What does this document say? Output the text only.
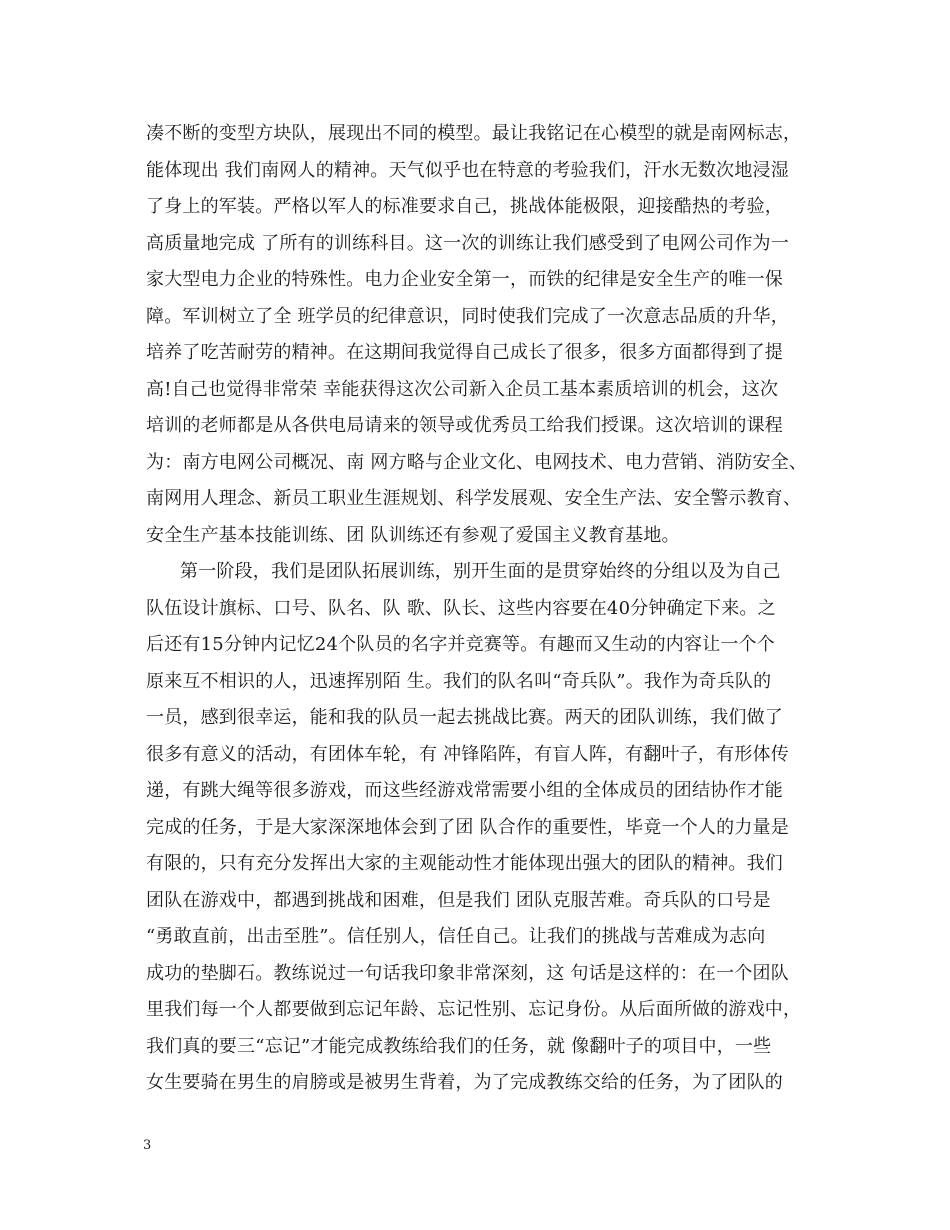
凑不断的变型方块队，展现出不同的模型。最让我铭记在心模型的就是南网标志，
能体现出 我们南网人的精神。天气似乎也在特意的考验我们，汗水无数次地浸湿
了身上的军装。严格以军人的标准要求自己，挑战体能极限，迎接酷热的考验，
高质量地完成 了所有的训练科目。这一次的训练让我们感受到了电网公司作为一
家大型电力企业的特殊性。电力企业安全第一，而铁的纪律是安全生产的唯一保
障。军训树立了全 班学员的纪律意识，同时使我们完成了一次意志品质的升华，
培养了吃苦耐劳的精神。在这期间我觉得自己成长了很多，很多方面都得到了提
高!自己也觉得非常荣 幸能获得这次公司新入企员工基本素质培训的机会，这次
培训的老师都是从各供电局请来的领导或优秀员工给我们授课。这次培训的课程
为：南方电网公司概况、南 网方略与企业文化、电网技术、电力营销、消防安全、
南网用人理念、新员工职业生涯规划、科学发展观、安全生产法、安全警示教育、
安全生产基本技能训练、团 队训练还有参观了爱国主义教育基地。
第一阶段，我们是团队拓展训练，别开生面的是贯穿始终的分组以及为自己
队伍设计旗标、口号、队名、队 歌、队长、这些内容要在40分钟确定下来。之
后还有15分钟内记忆24个队员的名字并竞赛等。有趣而又生动的内容让一个个
原来互不相识的人，迅速挥别陌 生。我们的队名叫“奇兵队”。我作为奇兵队的
一员，感到很幸运，能和我的队员一起去挑战比赛。两天的团队训练，我们做了
很多有意义的活动，有团体车轮，有 冲锋陷阵，有盲人阵，有翻叶子，有形体传
递，有跳大绳等很多游戏，而这些经游戏常需要小组的全体成员的团结协作才能
完成的任务，于是大家深深地体会到了团 队合作的重要性，毕竟一个人的力量是
有限的，只有充分发挥出大家的主观能动性才能体现出强大的团队的精神。我们
团队在游戏中，都遇到挑战和困难，但是我们 团队克服苦难。奇兵队的口号是
“勇敢直前，出击至胜”。信任别人，信任自己。让我们的挑战与苦难成为志向
成功的垫脚石。教练说过一句话我印象非常深刻，这 句话是这样的：在一个团队
里我们每一个人都要做到忘记年龄、忘记性别、忘记身份。从后面所做的游戏中，
我们真的要三“忘记”才能完成教练给我们的任务，就 像翻叶子的项目中，一些
女生要骑在男生的肩膀或是被男生背着，为了完成教练交给的任务，为了团队的
3
